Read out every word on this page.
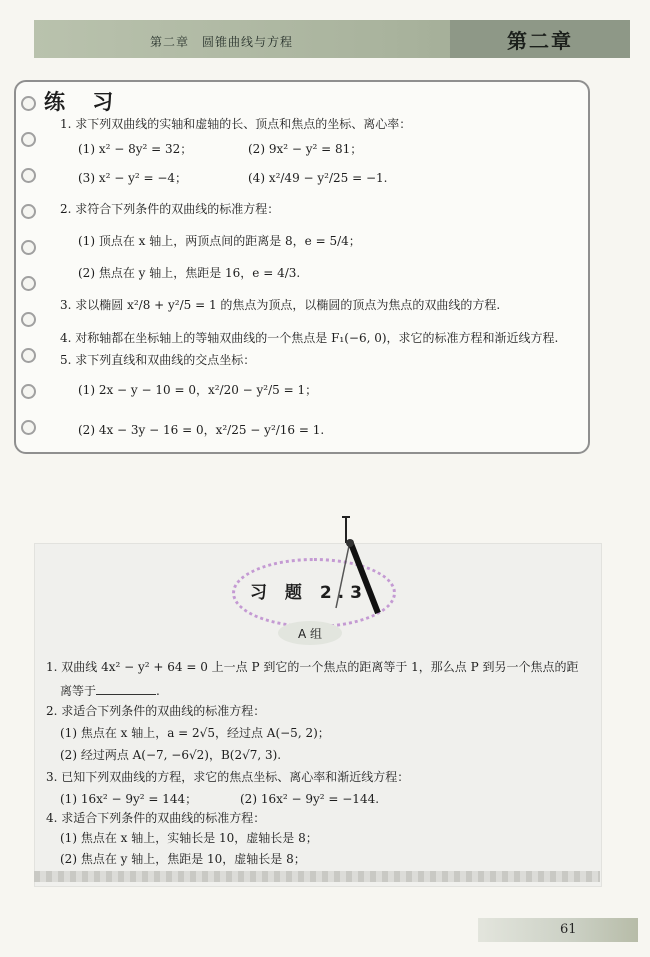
第二章　圆锥曲线与方程	第二章
练 习
1. 求下列双曲线的实轴和虚轴的长、顶点和焦点的坐标、离心率：
(1) x² − 8y² = 32；	(2) 9x² − y² = 81；
(3) x² − y² = −4；	(4) x²/49 − y²/25 = −1.
2. 求符合下列条件的双曲线的标准方程：
(1) 顶点在 x 轴上，两顶点间的距离是 8，e = 5/4；
(2) 焦点在 y 轴上，焦距是 16，e = 4/3.
3. 求以椭圆 x²/8 + y²/5 = 1 的焦点为顶点，以椭圆的顶点为焦点的双曲线的方程.
4. 对称轴都在坐标轴上的等轴双曲线的一个焦点是 F₁(−6, 0)，求它的标准方程和渐近线方程.
5. 求下列直线和双曲线的交点坐标：
(1) 2x − y − 10 = 0，x²/20 − y²/5 = 1；
(2) 4x − 3y − 16 = 0，x²/25 − y²/16 = 1.
习 题 2.3
A 组
1. 双曲线 4x² − y² + 64 = 0 上一点 P 到它的一个焦点的距离等于 1，那么点 P 到另一个焦点的距
离等于	.
2. 求适合下列条件的双曲线的标准方程：
(1) 焦点在 x 轴上，a = 2√5，经过点 A(−5, 2)；
(2) 经过两点 A(−7, −6√2)，B(2√7, 3).
3. 已知下列双曲线的方程，求它的焦点坐标、离心率和渐近线方程：
(1) 16x² − 9y² = 144；	(2) 16x² − 9y² = −144.
4. 求适合下列条件的双曲线的标准方程：
(1) 焦点在 x 轴上，实轴长是 10，虚轴长是 8；
(2) 焦点在 y 轴上，焦距是 10，虚轴长是 8；
61
